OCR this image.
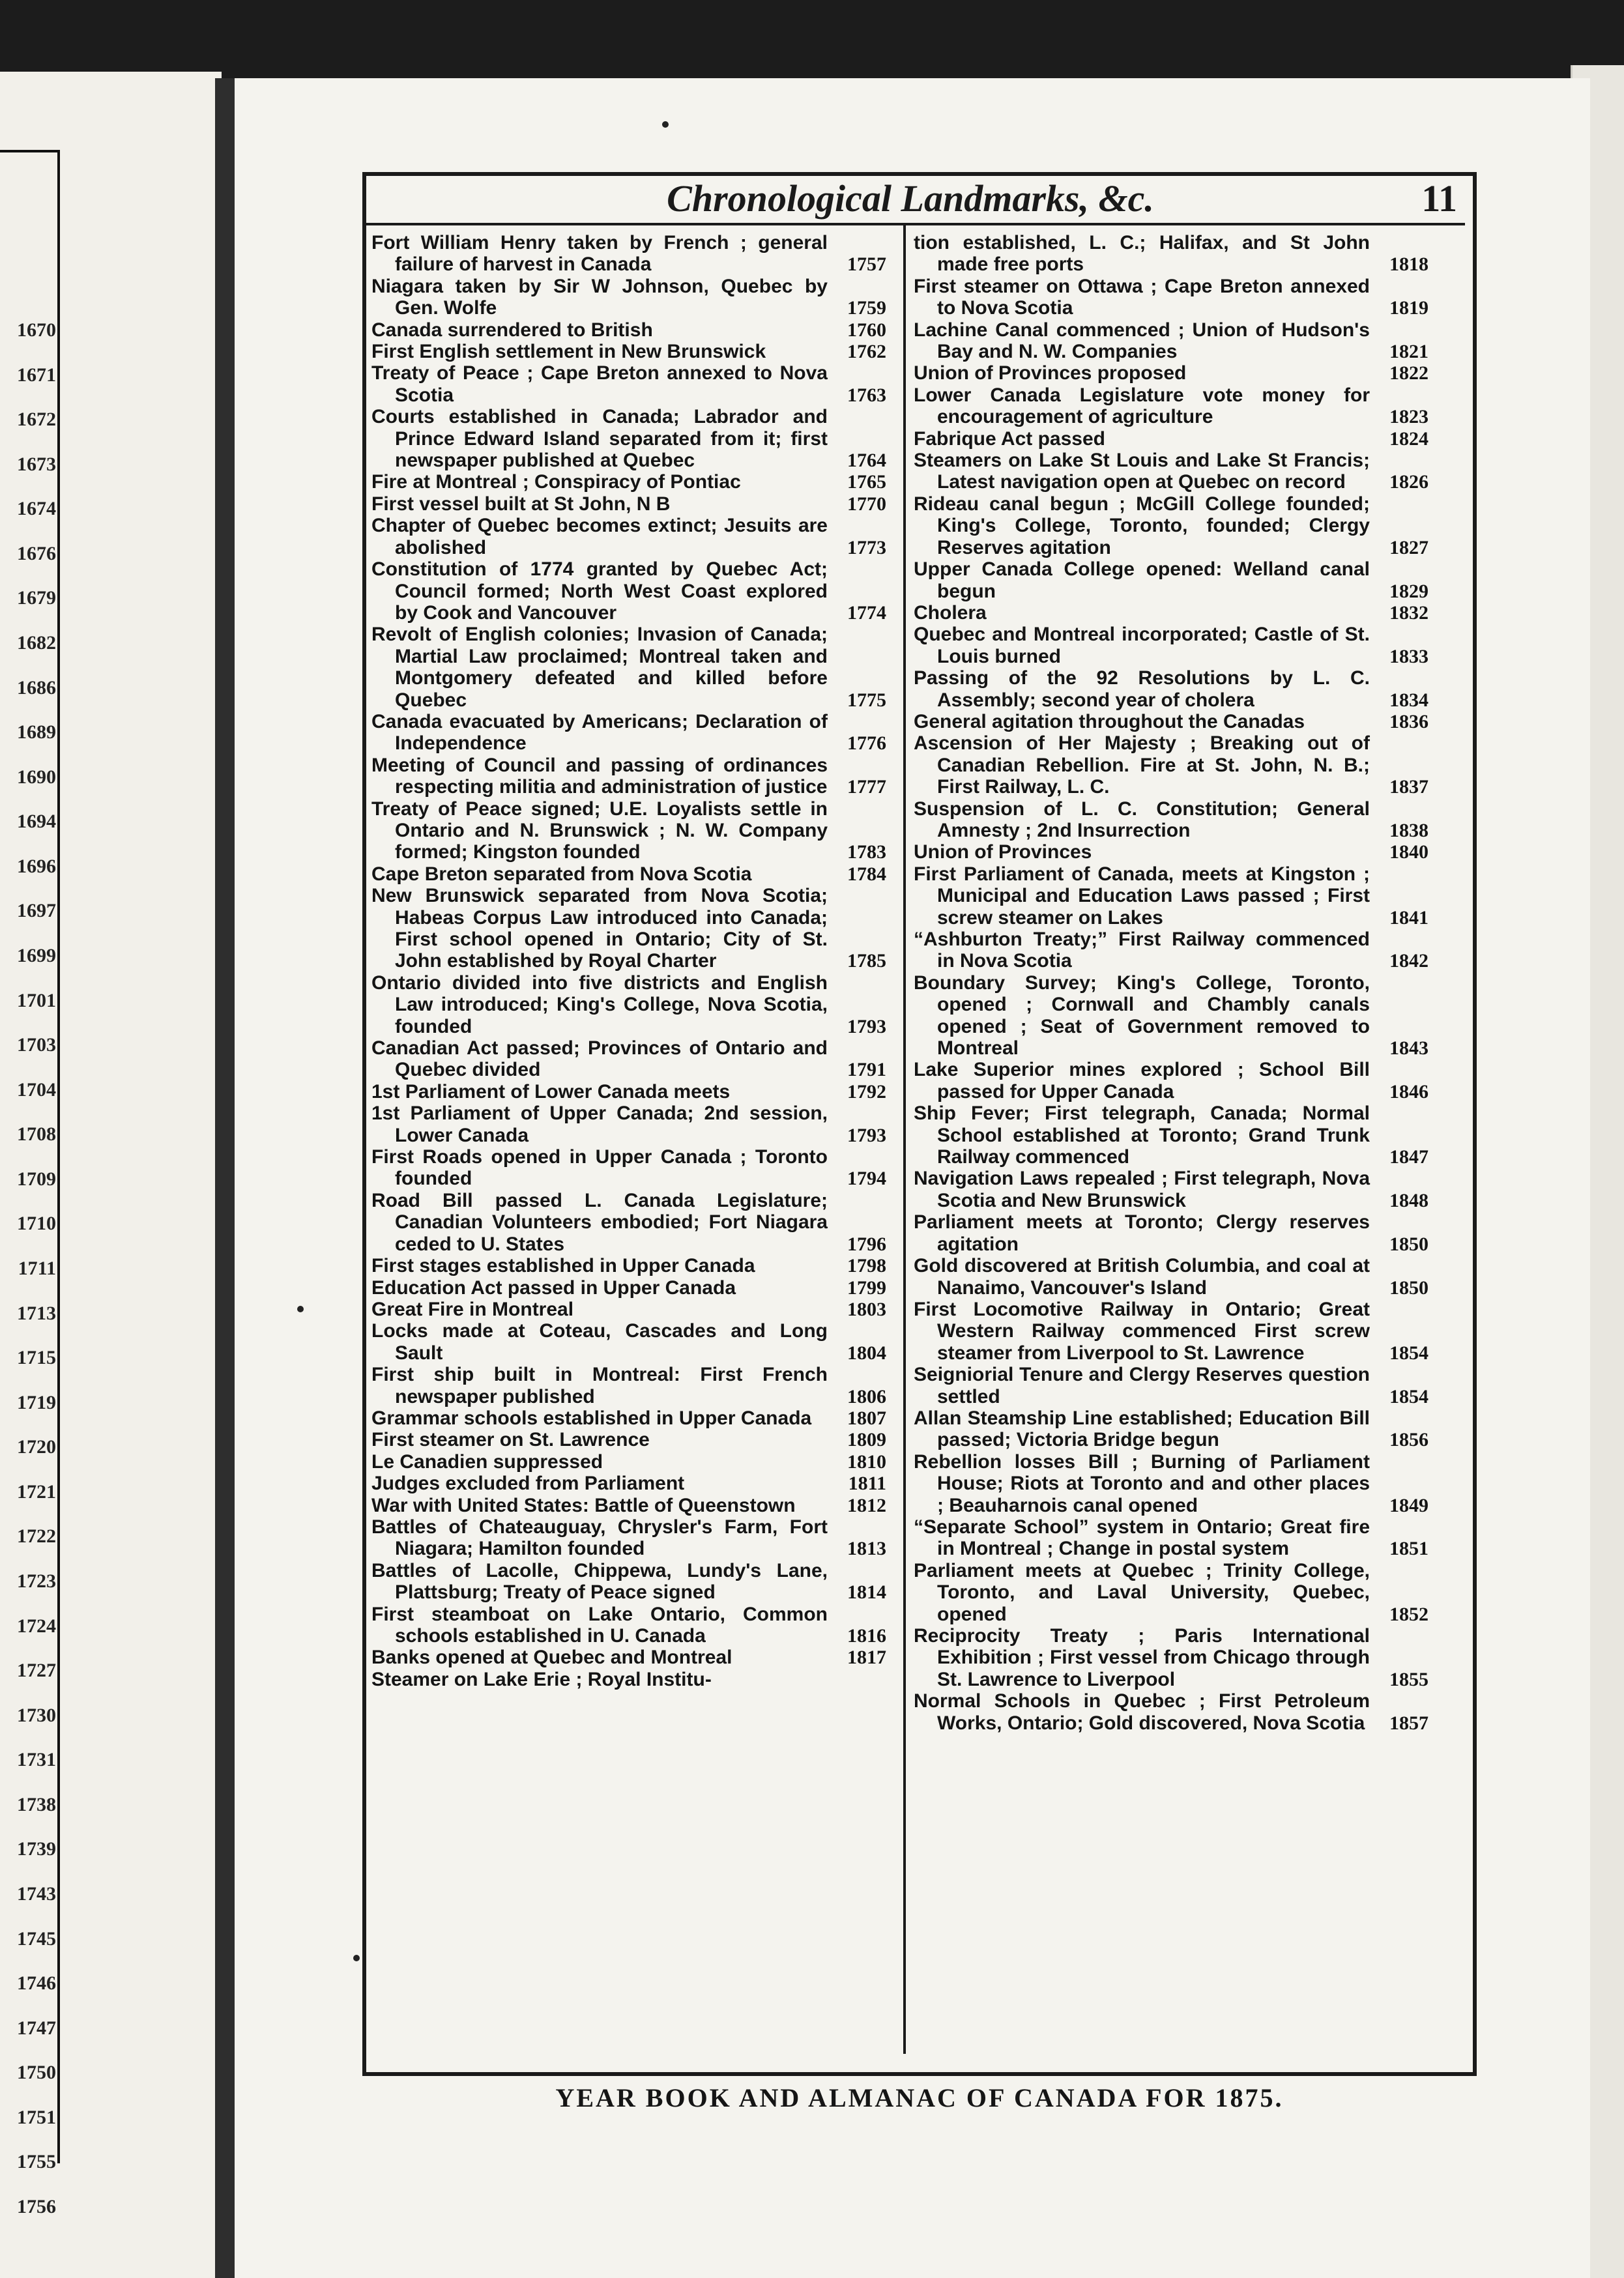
1670
1671
1672
1673
1674
1676
1679
1682
1686
1689
1690
1694
1696
1697
1699
1701
1703
1704
1708
1709
1710
1711
1713
1715
1719
1720
1721
1722
1723
1724
1727
1730
1731
1738
1739
1743
1745
1746
1747
1750
1751
1755
1756
Chronological Landmarks, &c.	11
Fort William Henry taken by French ; general failure of harvest in Canada	1757
Niagara taken by Sir W Johnson, Quebec by Gen. Wolfe	1759
Canada surrendered to British	1760
First English settlement in New Brunswick	1762
Treaty of Peace ; Cape Breton annexed to Nova Scotia	1763
Courts established in Canada; Labrador and Prince Edward Island separated from it; first newspaper published at Quebec	1764
Fire at Montreal ; Conspiracy of Pontiac	1765
First vessel built at St John, N B	1770
Chapter of Quebec becomes extinct; Jesuits are abolished	1773
Constitution of 1774 granted by Quebec Act; Council formed; North West Coast explored by Cook and Vancouver	1774
Revolt of English colonies; Invasion of Canada; Martial Law proclaimed; Montreal taken and Montgomery defeated and killed before Quebec	1775
Canada evacuated by Americans; Declaration of Independence	1776
Meeting of Council and passing of ordinances respecting militia and administration of justice	1777
Treaty of Peace signed; U.E. Loyalists settle in Ontario and N. Brunswick ; N. W. Company formed; Kingston founded	1783
Cape Breton separated from Nova Scotia	1784
New Brunswick separated from Nova Scotia; Habeas Corpus Law introduced into Canada; First school opened in Ontario; City of St. John established by Royal Charter	1785
Ontario divided into five districts and English Law introduced; King's College, Nova Scotia, founded	1793
Canadian Act passed; Provinces of Ontario and Quebec divided	1791
1st Parliament of Lower Canada meets	1792
1st Parliament of Upper Canada; 2nd session, Lower Canada	1793
First Roads opened in Upper Canada ; Toronto founded	1794
Road Bill passed L. Canada Legislature; Canadian Volunteers embodied; Fort Niagara ceded to U. States	1796
First stages established in Upper Canada	1798
Education Act passed in Upper Canada	1799
Great Fire in Montreal	1803
Locks made at Coteau, Cascades and Long Sault	1804
First ship built in Montreal: First French newspaper published	1806
Grammar schools established in Upper Canada	1807
First steamer on St. Lawrence	1809
Le Canadien suppressed	1810
Judges excluded from Parliament	1811
War with United States: Battle of Queenstown	1812
Battles of Chateauguay, Chrysler's Farm, Fort Niagara; Hamilton founded	1813
Battles of Lacolle, Chippewa, Lundy's Lane, Plattsburg; Treaty of Peace signed	1814
First steamboat on Lake Ontario, Common schools established in U. Canada	1816
Banks opened at Quebec and Montreal	1817
Steamer on Lake Erie ; Royal Institu-
tion established, L. C.; Halifax, and St John made free ports	1818
First steamer on Ottawa ; Cape Breton annexed to Nova Scotia	1819
Lachine Canal commenced ; Union of Hudson's Bay and N. W. Companies	1821
Union of Provinces proposed	1822
Lower Canada Legislature vote money for encouragement of agriculture	1823
Fabrique Act passed	1824
Steamers on Lake St Louis and Lake St Francis; Latest navigation open at Quebec on record	1826
Rideau canal begun ; McGill College founded; King's College, Toronto, founded; Clergy Reserves agitation	1827
Upper Canada College opened: Welland canal begun	1829
Cholera	1832
Quebec and Montreal incorporated; Castle of St. Louis burned	1833
Passing of the 92 Resolutions by L. C. Assembly; second year of cholera	1834
General agitation throughout the Canadas	1836
Ascension of Her Majesty ; Breaking out of Canadian Rebellion. Fire at St. John, N. B.; First Railway, L. C.	1837
Suspension of L. C. Constitution; General Amnesty ; 2nd Insurrection	1838
Union of Provinces	1840
First Parliament of Canada, meets at Kingston ; Municipal and Education Laws passed ; First screw steamer on Lakes	1841
“Ashburton Treaty;” First Railway commenced in Nova Scotia	1842
Boundary Survey; King's College, Toronto, opened ; Cornwall and Chambly canals opened ; Seat of Government removed to Montreal	1843
Lake Superior mines explored ; School Bill passed for Upper Canada	1846
Ship Fever; First telegraph, Canada; Normal School established at Toronto; Grand Trunk Railway commenced	1847
Navigation Laws repealed ; First telegraph, Nova Scotia and New Brunswick	1848
Parliament meets at Toronto; Clergy reserves agitation	1850
Gold discovered at British Columbia, and coal at Nanaimo, Vancouver's Island	1850
First Locomotive Railway in Ontario; Great Western Railway commenced First screw steamer from Liverpool to St. Lawrence	1854
Seigniorial Tenure and Clergy Reserves question settled	1854
Allan Steamship Line established; Education Bill passed; Victoria Bridge begun	1856
Rebellion losses Bill ; Burning of Parliament House; Riots at Toronto and and other places ; Beauharnois canal opened	1849
“Separate School” system in Ontario; Great fire in Montreal ; Change in postal system	1851
Parliament meets at Quebec ; Trinity College, Toronto, and Laval University, Quebec, opened	1852
Reciprocity Treaty ; Paris International Exhibition ; First vessel from Chicago through St. Lawrence to Liverpool	1855
Normal Schools in Quebec ; First Petroleum Works, Ontario; Gold discovered, Nova Scotia	1857
YEAR BOOK AND ALMANAC OF CANADA FOR 1875.
